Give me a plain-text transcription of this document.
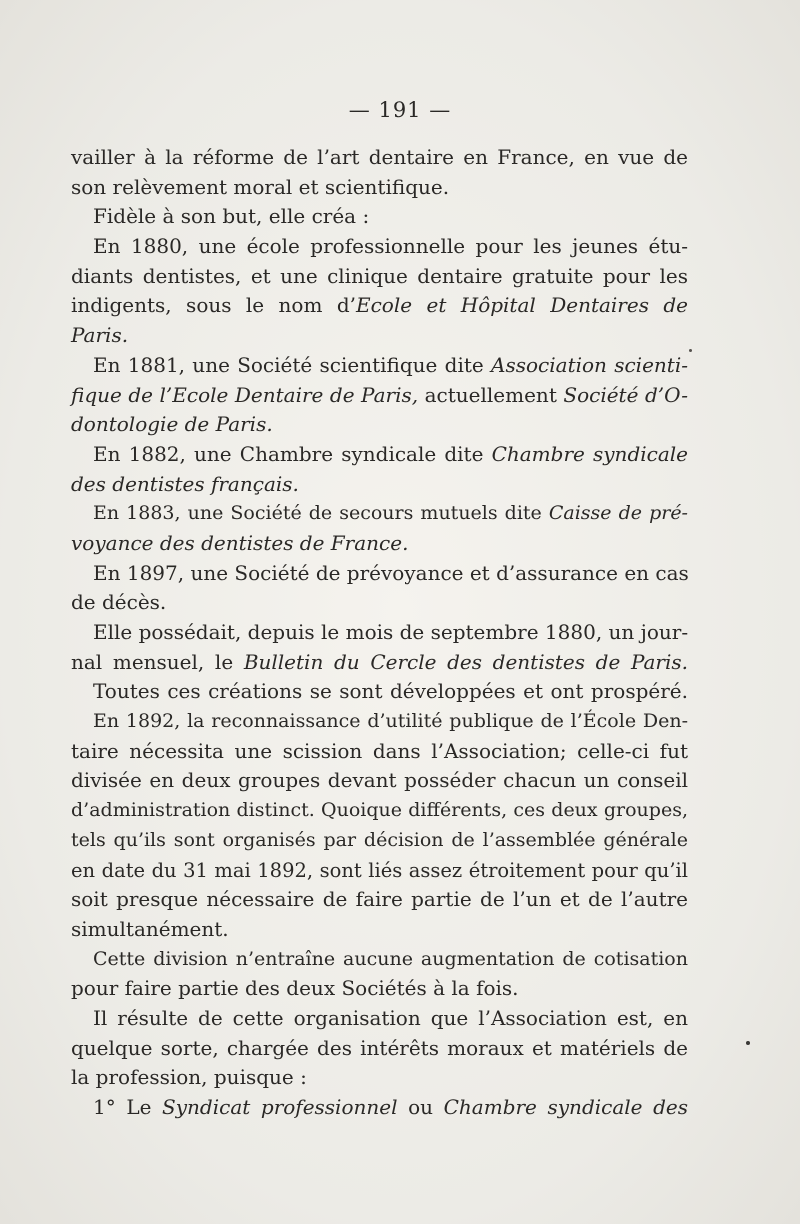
— 191 —
vailler à la réforme de l’art dentaire en France, en vue de
son relèvement moral et scientifique.
Fidèle à son but, elle créa :
En 1880, une école professionnelle pour les jeunes étu-
diants dentistes, et une clinique dentaire gratuite pour les
indigents, sous le nom d’Ecole et Hôpital Dentaires de
Paris.
En 1881, une Société scientifique dite Association scienti-
fique de l’Ecole Dentaire de Paris, actuellement Société d’O-
dontologie de Paris.
En 1882, une Chambre syndicale dite Chambre syndicale
des dentistes français.
En 1883, une Société de secours mutuels dite Caisse de pré-
voyance des dentistes de France.
En 1897, une Société de prévoyance et d’assurance en cas
de décès.
Elle possédait, depuis le mois de septembre 1880, un jour-
nal mensuel, le Bulletin du Cercle des dentistes de Paris.
Toutes ces créations se sont développées et ont prospéré.
En 1892, la reconnaissance d’utilité publique de l’École Den-
taire nécessita une scission dans l’Association; celle-ci fut
divisée en deux groupes devant posséder chacun un conseil
d’administration distinct. Quoique différents, ces deux groupes,
tels qu’ils sont organisés par décision de l’assemblée générale
en date du 31 mai 1892, sont liés assez étroitement pour qu’il
soit presque nécessaire de faire partie de l’un et de l’autre
simultanément.
Cette division n’entraîne aucune augmentation de cotisation
pour faire partie des deux Sociétés à la fois.
Il résulte de cette organisation que l’Association est, en
quelque sorte, chargée des intérêts moraux et matériels de
la profession, puisque :
1° Le Syndicat professionnel ou Chambre syndicale des
